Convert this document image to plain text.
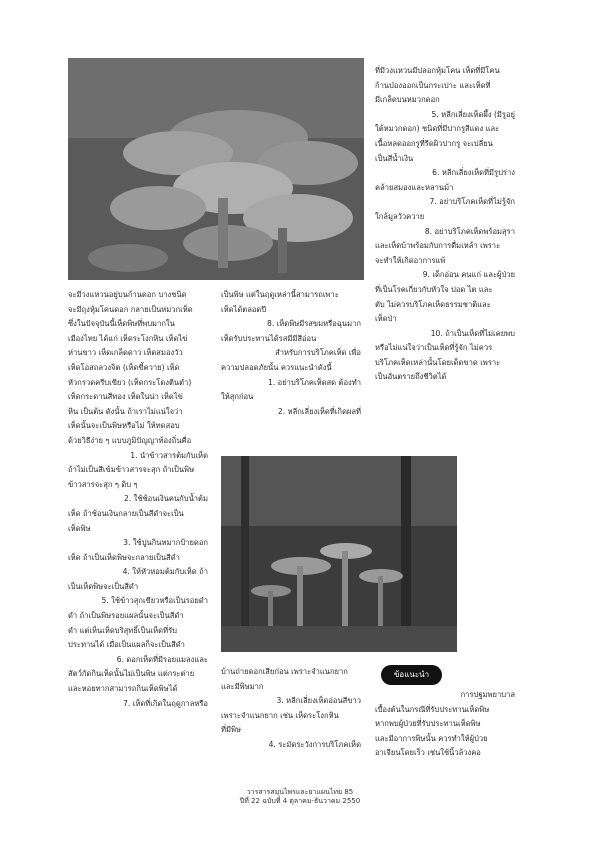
จะมีวงแหวนอยู่บนก้านดอก บางชนิด

จะมีถุงหุ้มโคนดอก กลายเป็นหมวกเห็ด

ซึ่งในปัจจุบันนี้เห็ดพิษที่พบมากใน

เมืองไทย ได้แก่ เห็ดระโงกหิน เห็ดไข่

ห่านขาว เห็ดเกล็ดดาว เห็ดสมองวัว

เห็ดโอสถลวงจิต (เห็ดขี้ควาย) เห็ด

หัวกรวดครีบเขียว (เห็ดกระโดงตีนต่ำ)

เห็ดกระดานสีทอง เห็ดในน่า เห็ดไข่

หิน เป็นต้น ดังนั้น ถ้าเราไม่แน่ใจว่า

เห็ดนั้นจะเป็นพิษหรือไม่ ให้ทดสอบ

ด้วยวิธีง่าย ๆ แบบภูมิปัญญาท้องถิ่นคือ

1. นำข้าวสารต้มกับเห็ด

ถ้าไม่เป็นสีเข้มข้าวสารจะสุก ถ้าเป็นพิษ

ข้าวสารจะสุก ๆ ดิบ ๆ

2. ใช้ช้อนเงินคนกับน้ำต้ม

เห็ด ถ้าช้อนเงินกลายเป็นสีดำจะเป็น

เห็ดพิษ

3. ใช้ปูนกินหมากป้ายดอก

เห็ด ถ้าเป็นเห็ดพิษจะกลายเป็นสีดำ

4. ให้หัวหอมต้มกับเห็ด ถ้า

เป็นเห็ดพิษจะเป็นสีดำ

5. ใช้ข้าวสุกเขียวหรือเป็นรอยดำ

ดำ ถ้าเป็นพิษรอยแผลนั้นจะเป็นสีดำ

ดำ แต่เห็นเห็ดบริสุทธิ์เป็นเห็ดที่รับ

ประทานได้ เมื่อเป็นแผลก็จะเป็นสีดำ

6. ดอกเห็ดที่มีรอยแมลงและ

สัตว์กัดกินเห็ดนั้นไม่เป็นพิษ แต่กระต่าย

และหอยทากสามารถกินเห็ดพิษได้

7. เห็ดที่เกิดในฤดูกาลหรือ

เป็นพิษ แต่ในฤดูเหล่านี้สามารถเพาะ

เห็ดได้ตลอดปี

8. เห็ดพิษมีรสขมหรือฉุนมาก

เห็ดรับประทานได้รสมีมีสีอ่อน

สำหรับการบริโภคเห็ด เพื่อ

ความปลอดภัยนั้น ควรแนะนำดังนี้

1. อย่าบริโภคเห็ดสด ต้องทำ

ให้สุกก่อน

2. หลีกเลี่ยงเห็ดที่เกิดผลที่

บ้านถ่ายดอกเสียก่อน เพราะจำแนกยาก

และมีพิษมาก

3. หลีกเลี่ยงเห็ดอ่อนสีขาว

เพราะจำแนกยาก เช่น เห็ดระโงกหิน

ที่มีพิษ

4. ระมัดระวังการบริโภคเห็ด

ที่มีวงแหวนมีปลอกหุ้มโคน เห็ดที่มีโคน

ก้านป่องออกเป็นกระเปาะ และเห็ดที่

มีเกล็ดบนหมวกดอก

5. หลีกเลี่ยงเห็ดผึ้ง (มีรูอยู่

ใต้หมวกดอก) ชนิดที่มีปากรูสีแดง และ

เนื้อหลดออกรูที่รีดผิวปากรู จะเปลี่ยน

เป็นสีน้ำเงิน

6. หลีกเลี่ยงเห็ดที่มีรูปร่าง

คล้ายสมองและหลานม้า

7. อย่าบริโภคเห็ดที่ไม่รู้จัก

ใกล้มูลวัวควาย

8. อย่าบริโภคเห็ดพร้อมสุรา

และเห็ดบ้าพร้อมกับการดื่มเหล้า เพราะ

จะทำให้เกิดอาการแพ้

9. เด็กอ่อน คนแก่ และผู้ป่วย

ที่เป็นโรคเกี่ยวกับหัวใจ ปอด ไต และ

ตับ ไม่ควรบริโภคเห็ดธรรมชาติและ

เห็ดป่า

10. ถ้าเป็นเห็ดที่ไม่เคยพบ

หรือไม่แน่ใจว่าเป็นเห็ดที่รู้จัก ไม่ควร

บริโภคเห็ดเหล่านั้นโดยเด็ดขาด เพราะ

เป็นอันตรายถึงชีวิตได้

ข้อแนะนำ

การปฐมพยาบาล

เบื้องต้นในกรณีที่รับประทานเห็ดพิษ

หากพบผู้ป่วยที่รับประทานเห็ดพิษ

และมีอาการพิษนั้น ควรทำให้ผู้ป่วย

อาเจียนโดยเร็ว เช่นใช้นิ้วล้วงคอ

วารสารสมุนไพรและยาแผนไทย 85
ปีที่ 22 ฉบับที่ 4 ตุลาคม-ธันวาคม 2550
